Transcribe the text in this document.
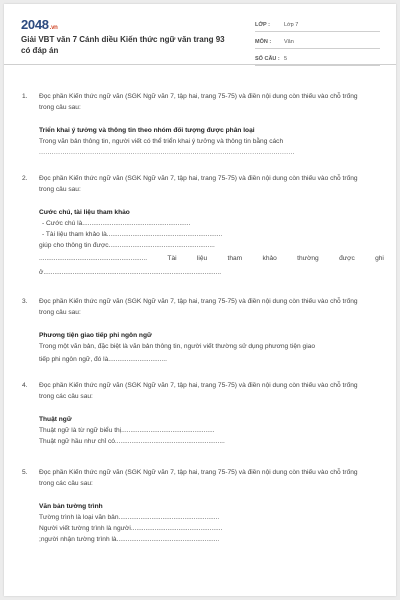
2048.vn
Giải VBT văn 7 Cánh diều Kiến thức ngữ văn trang 93 có đáp án
LỚP :	Lớp 7
MÔN :	Văn
SỐ CÂU : 5
1. Đọc phần Kiến thức ngữ văn (SGK Ngữ văn 7, tập hai, trang 75-75) và điền nội dung còn thiếu vào chỗ trống trong câu sau:
Triển khai ý tưởng và thông tin theo nhóm đối tượng được phân loại
Trong văn bản thông tin, người viết có thể triển khai ý tưởng và thông tin bằng cách
........................................................................................................................
2. Đọc phần Kiến thức ngữ văn (SGK Ngữ văn 7, tập hai, trang 75-75) và điền nội dung còn thiếu vào chỗ trống trong câu sau:
Cước chú, tài liệu tham khảo
- Cước chú là...........................................................
- Tài liệu tham khảo là...............................................................
giúp cho thông tin được..........................................................
...........................................................	Tài	liệu	tham	khảo	thường	được	ghi
ở.................................................................................................
3. Đọc phần Kiến thức ngữ văn (SGK Ngữ văn 7, tập hai, trang 75-75) và điền nội dung còn thiếu vào chỗ trống trong câu sau:
Phương tiện giao tiếp phi ngôn ngữ
Trong một văn bản, đặc biệt là văn bản thông tin, người viết thường sử dụng phương tiện giao
tiếp phi ngôn ngữ, đó là................................
4. Đọc phần Kiến thức ngữ văn (SGK Ngữ văn 7, tập hai, trang 75-75) và điền nội dung còn thiếu vào chỗ trống trong các câu sau:
Thuật ngữ
Thuật ngữ là từ ngữ biểu thị...................................................
Thuật ngữ hầu như chỉ có............................................................
5. Đọc phần Kiến thức ngữ văn (SGK Ngữ văn 7, tập hai, trang 75-75) và điền nội dung còn thiếu vào chỗ trống trong các câu sau:
Văn bản tường trình
Tường trình là loại văn bản.......................................................
Người viết tường trình là người..................................................
;người nhận tường trình là........................................................
